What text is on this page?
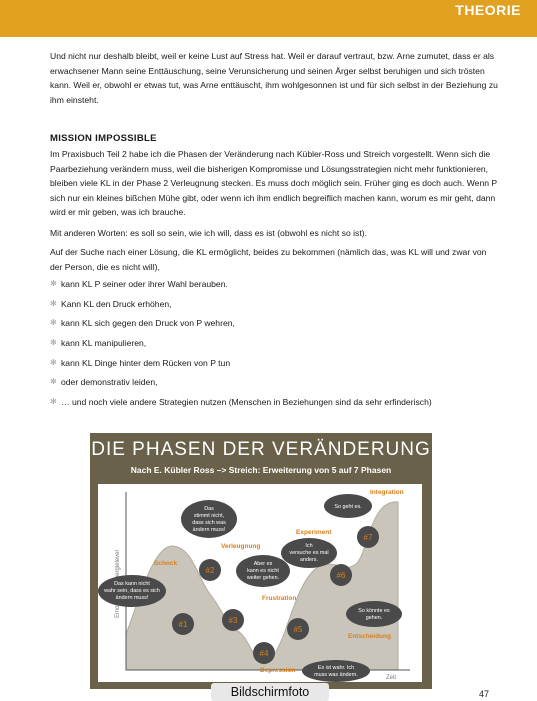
THEORIE

Und nicht nur deshalb bleibt, weil er keine Lust auf Stress hat. Weil er darauf vertraut, bzw. Arne zumutet, dass er als erwachsener Mann seine Enttäuschung, seine Verunsicherung und seinen Ärger selbst beruhigen und sich trösten kann. Weil er, obwohl er etwas tut, was Arne enttäuscht, ihm wohlgesonnen ist und für sich selbst in der Beziehung zu ihm einsteht.

MISSION IMPOSSIBLE

Im Praxisbuch Teil 2 habe ich die Phasen der Veränderung nach Kübler-Ross und Streich vorgestellt. Wenn sich die Paarbeziehung verändern muss, weil die bisherigen Kompromisse und Lösungsstrategien nicht mehr funktionieren, bleiben viele KL in der Phase 2 Verleugnung stecken. Es muss doch möglich sein. Früher ging es doch auch. Wenn P sich nur ein kleines bißchen Mühe gibt, oder wenn ich ihm endlich begreiflich machen kann, worum es mir geht, dann wird er mir geben, was ich brauche.

Mit anderen Worten: es soll so sein, wie ich will, dass es ist (obwohl es nicht so ist).

Auf der Suche nach einer Lösung, die KL ermöglicht, beides zu bekommen (nämlich das, was KL will und zwar von der Person, die es nicht will),

✻ kann KL P seiner oder ihrer Wahl berauben.
✻ Kann KL den Druck erhöhen,
✻ kann KL sich gegen den Druck von P wehren,
✻ kann KL manipulieren,
✻ kann KL Dinge hinter dem Rücken von P tun
✻ oder demonstrativ leiden,
✻ … und noch viele andere Strategien nutzen (Menschen in Beziehungen sind da sehr erfinderisch)
DIE PHASEN DER VERÄNDERUNG
Nach E. Kübler Ross –> Streich: Erweiterung von 5 auf 7 Phasen
Zeit
Schock
Verleugnung
Frustration
Depression
Experiment
Entscheidung
Integration
#1
#2
#3
#4
#5
#6
#7
Das kann nicht
wahr sein, dass es sich
ändern muss!
Das
stimmt nicht,
dass sich was
ändern muss!
Aber es
kann es nicht
weiter gehen.
Es ist wahr. Ich
muss was ändern.
Ich
versuche es mal
anders.
So könnte es
gehen.
So geht es.
Bildschirmfoto	47
